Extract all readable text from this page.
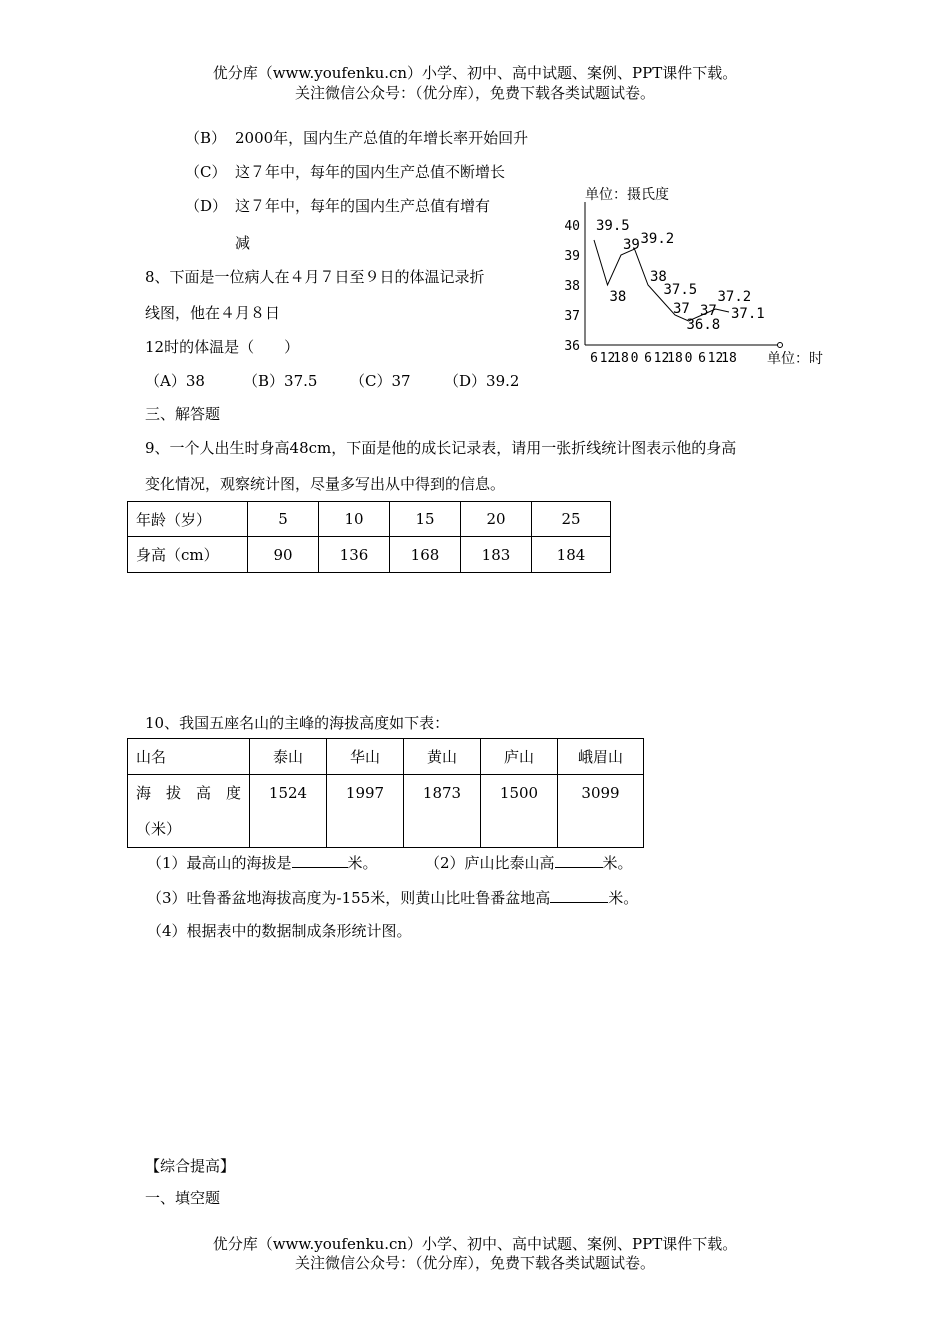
优分库（www.youfenku.cn）小学、初中、高中试题、案例、PPT课件下载。
关注微信公众号：（优分库），免费下载各类试题试卷。
（B） 2000年，国内生产总值的年增长率开始回升
（C） 这７年中，每年的国内生产总值不断增长
（D） 这７年中，每年的国内生产总值有增有
减
8、下面是一位病人在４月７日至９日的体温记录折
线图，他在４月８日
12时的体温是（　　）
（A）38	（B）37.5 （C）37 （D）39.2
单位：摄氏度
单位：时
40
39
38
37
36
6 12
18 0 6 12
18 0 6 12
18
39.5
38
39 39.2
38
37.5
37
36.8
37
37.2
37.1
三、解答题
9、一个人出生时身高48cm，下面是他的成长记录表，请用一张折线统计图表示他的身高
变化情况，观察统计图，尽量多写出从中得到的信息。
年龄（岁）	5	10	15	20	25
身高（cm）	90	136	168	183	184
10、我国五座名山的主峰的海拔高度如下表：
山名	泰山	华山	黄山	庐山	峨眉山

海　拔　高　度
（米）	1524	1997	1873	1500	3099
（1）最高山的海拔是	米。	（2）庐山比泰山高	米。
（3）吐鲁番盆地海拔高度为-155米，则黄山比吐鲁番盆地高	米。
（4）根据表中的数据制成条形统计图。
【综合提高】
一、填空题
优分库（www.youfenku.cn）小学、初中、高中试题、案例、PPT课件下载。
关注微信公众号：（优分库），免费下载各类试题试卷。
